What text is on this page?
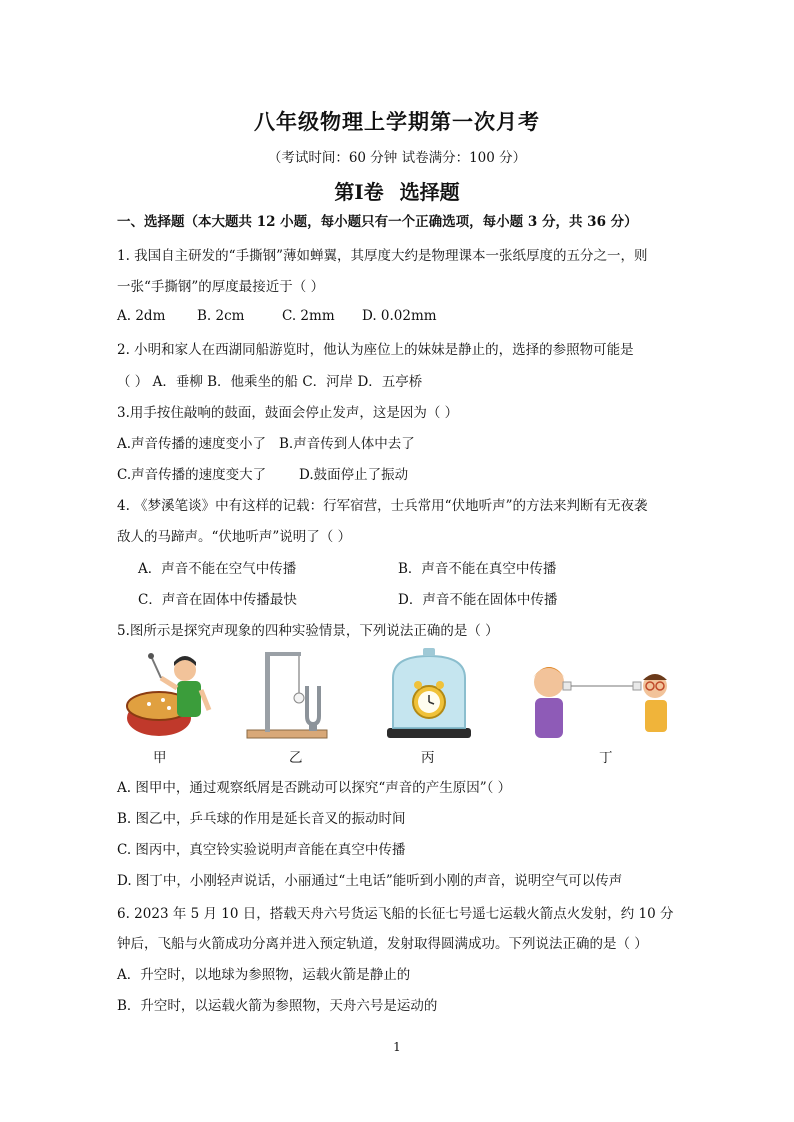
八年级物理上学期第一次月考
（考试时间：60 分钟 试卷满分：100 分）
第Ⅰ卷 选择题
一、选择题（本大题共 12 小题，每小题只有一个正确选项，每小题 3 分，共 36 分）
1. 我国自主研发的“手撕钢”薄如蝉翼，其厚度大约是物理课本一张纸厚度的五分之一，则
一张“手撕钢”的厚度最接近于（ ）
A. 2dm B. 2cm	C. 2mm D. 0.02mm
2. 小明和家人在西湖同船游览时，他认为座位上的妹妹是静止的，选择的参照物可能是
（ ） A．垂柳 B．他乘坐的船 C．河岸 D．五亭桥
3.用手按住敲响的鼓面，鼓面会停止发声，这是因为（ ）
A.声音传播的速度变小了 B.声音传到人体中去了
C.声音传播的速度变大了 D.鼓面停止了振动
4. 《梦溪笔谈》中有这样的记载：行军宿营，士兵常用“伏地听声”的方法来判断有无夜袭
敌人的马蹄声。“伏地听声”说明了（ ）
A．声音不能在空气中传播	B．声音不能在真空中传播
C．声音在固体中传播最快	D．声音不能在固体中传播
5.图所示是探究声现象的四种实验情景，下列说法正确的是（ ）
甲	乙	丙	丁
A. 图甲中，通过观察纸屑是否跳动可以探究“声音的产生原因”（ ）
B. 图乙中，乒乓球的作用是延长音叉的振动时间
C. 图丙中，真空铃实验说明声音能在真空中传播
D. 图丁中，小刚轻声说话，小丽通过“土电话”能听到小刚的声音，说明空气可以传声
6. 2023 年 5 月 10 日，搭载天舟六号货运飞船的长征七号遥七运载火箭点火发射，约 10 分
钟后，飞船与火箭成功分离并进入预定轨道，发射取得圆满成功。下列说法正确的是（ ）
A．升空时，以地球为参照物，运载火箭是静止的
B．升空时，以运载火箭为参照物，天舟六号是运动的
1
